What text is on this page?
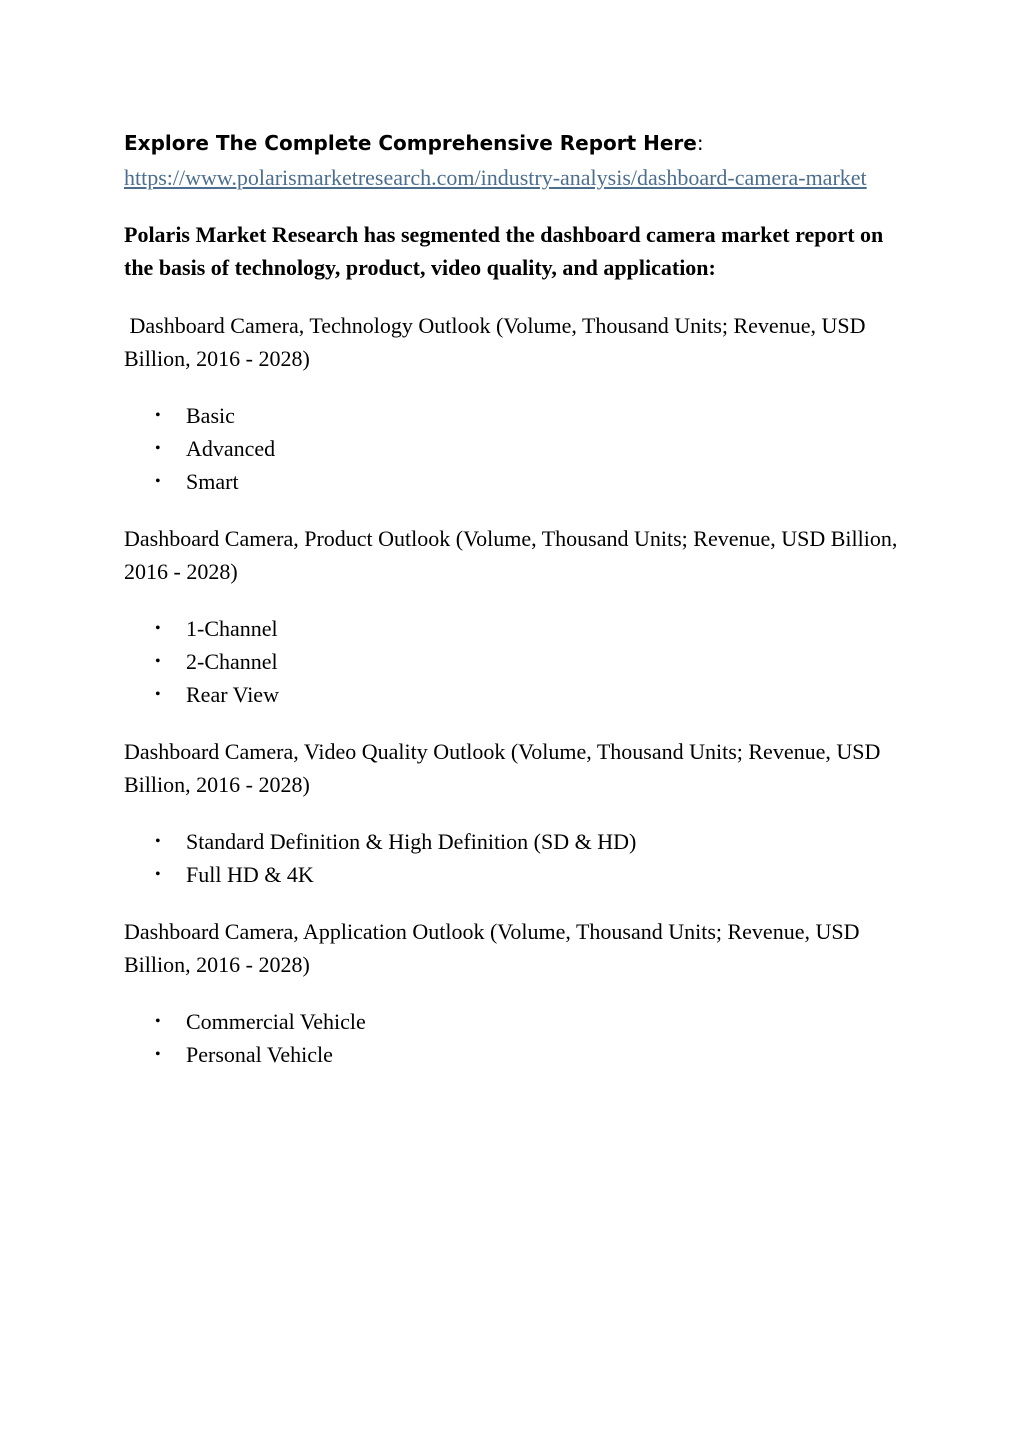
Explore The Complete Comprehensive Report Here:

https://www.polarismarketresearch.com/industry-analysis/dashboard-camera-market

Polaris Market Research has segmented the dashboard camera market report on the basis of technology, product, video quality, and application:

Dashboard Camera, Technology Outlook (Volume, Thousand Units; Revenue, USD Billion, 2016 - 2028)

• Basic
• Advanced
• Smart

Dashboard Camera, Product Outlook (Volume, Thousand Units; Revenue, USD Billion, 2016 - 2028)

• 1-Channel
• 2-Channel
• Rear View

Dashboard Camera, Video Quality Outlook (Volume, Thousand Units; Revenue, USD Billion, 2016 - 2028)

• Standard Definition & High Definition (SD & HD)
• Full HD & 4K

Dashboard Camera, Application Outlook (Volume, Thousand Units; Revenue, USD Billion, 2016 - 2028)

• Commercial Vehicle
• Personal Vehicle
